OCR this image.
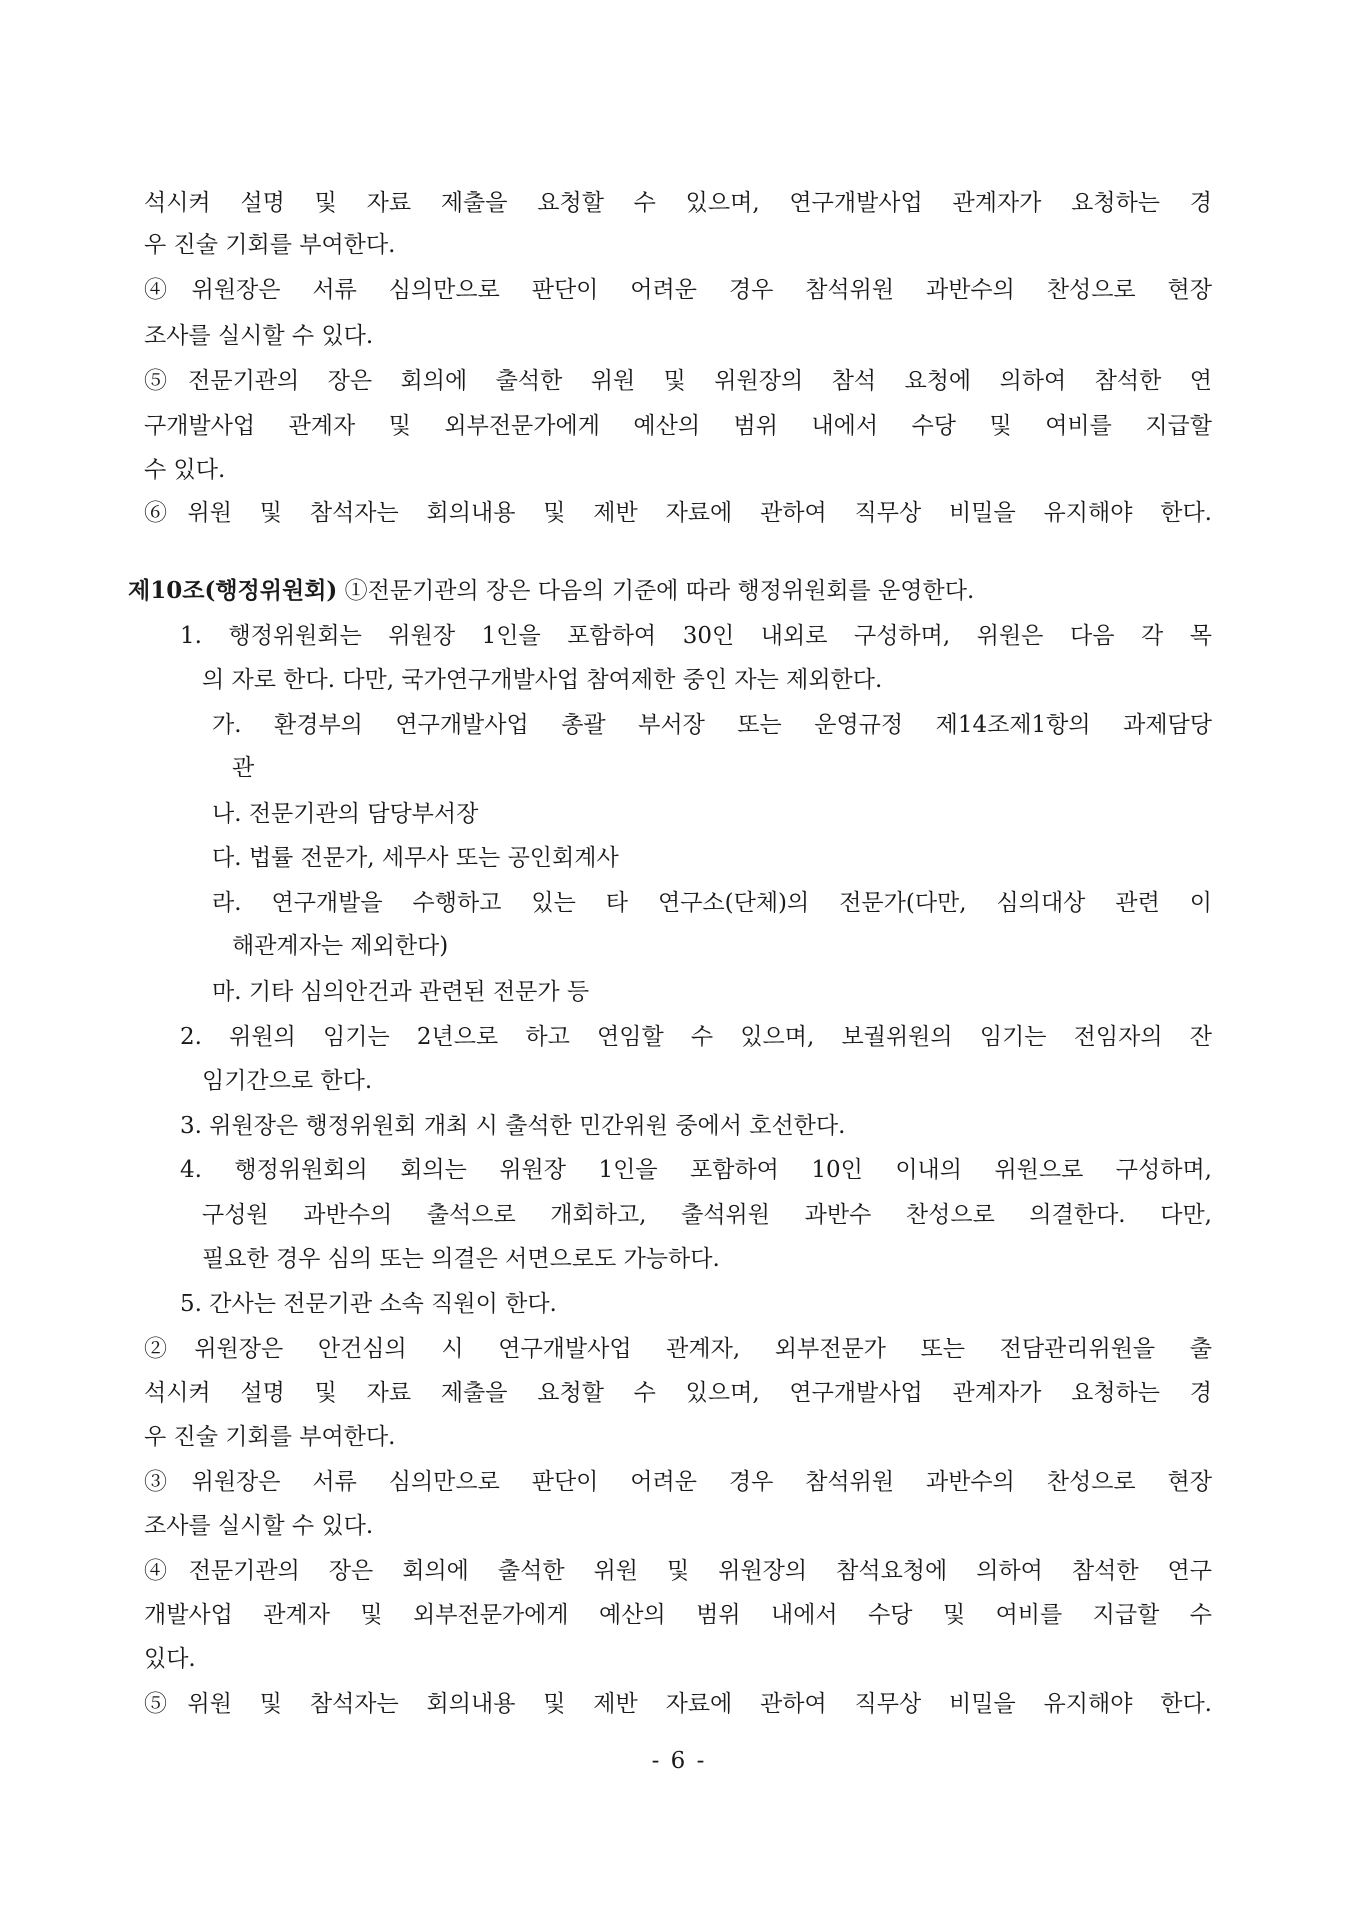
석시켜 설명 및 자료 제출을 요청할 수 있으며, 연구개발사업 관계자가 요청하는 경
우 진술 기회를 부여한다.
④위원장은 서류 심의만으로 판단이 어려운 경우 참석위원 과반수의 찬성으로 현장
조사를 실시할 수 있다.
⑤전문기관의 장은 회의에 출석한 위원 및 위원장의 참석 요청에 의하여 참석한 연
구개발사업 관계자 및 외부전문가에게 예산의 범위 내에서 수당 및 여비를 지급할
수 있다.
⑥위원 및 참석자는 회의내용 및 제반 자료에 관하여 직무상 비밀을 유지해야 한다.
제10조(행정위원회) ①전문기관의 장은 다음의 기준에 따라 행정위원회를 운영한다.
1. 행정위원회는 위원장 1인을 포함하여 30인 내외로 구성하며, 위원은 다음 각 목
의 자로 한다. 다만, 국가연구개발사업 참여제한 중인 자는 제외한다.
가. 환경부의 연구개발사업 총괄 부서장 또는 운영규정 제14조제1항의 과제담당
관
나. 전문기관의 담당부서장
다. 법률 전문가, 세무사 또는 공인회계사
라. 연구개발을 수행하고 있는 타 연구소(단체)의 전문가(다만, 심의대상 관련 이
해관계자는 제외한다)
마. 기타 심의안건과 관련된 전문가 등
2. 위원의 임기는 2년으로 하고 연임할 수 있으며, 보궐위원의 임기는 전임자의 잔
임기간으로 한다.
3. 위원장은 행정위원회 개최 시 출석한 민간위원 중에서 호선한다.
4. 행정위원회의 회의는 위원장 1인을 포함하여 10인 이내의 위원으로 구성하며,
구성원 과반수의 출석으로 개회하고, 출석위원 과반수 찬성으로 의결한다. 다만,
필요한 경우 심의 또는 의결은 서면으로도 가능하다.
5. 간사는 전문기관 소속 직원이 한다.
②위원장은 안건심의 시 연구개발사업 관계자, 외부전문가 또는 전담관리위원을 출
석시켜 설명 및 자료 제출을 요청할 수 있으며, 연구개발사업 관계자가 요청하는 경
우 진술 기회를 부여한다.
③위원장은 서류 심의만으로 판단이 어려운 경우 참석위원 과반수의 찬성으로 현장
조사를 실시할 수 있다.
④전문기관의 장은 회의에 출석한 위원 및 위원장의 참석요청에 의하여 참석한 연구
개발사업 관계자 및 외부전문가에게 예산의 범위 내에서 수당 및 여비를 지급할 수
있다.
⑤위원 및 참석자는 회의내용 및 제반 자료에 관하여 직무상 비밀을 유지해야 한다.
- 6 -
